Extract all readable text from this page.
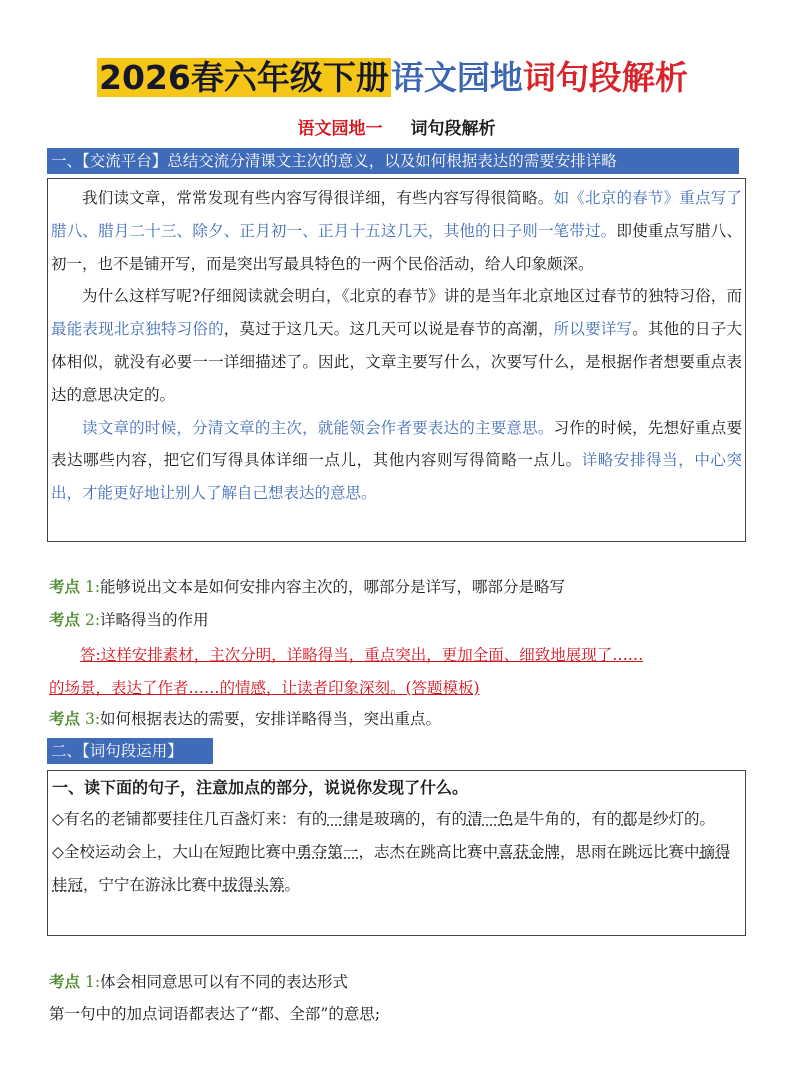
2026春六年级下册语文园地词句段解析
语文园地一 词句段解析
一、【交流平台】总结交流分清课文主次的意义，以及如何根据表达的需要安排详略

我们读文章，常常发现有些内容写得很详细，有些内容写得很简略。如《北京的春节》重点写了腊八、腊月二十三、除夕、正月初一、正月十五这几天，其他的日子则一笔带过。即使重点写腊八、初一，也不是铺开写，而是突出写最具特色的一两个民俗活动，给人印象颇深。

为什么这样写呢?仔细阅读就会明白，《北京的春节》讲的是当年北京地区过春节的独特习俗，而最能表现北京独特习俗的，莫过于这几天。这几天可以说是春节的高潮，所以要详写。其他的日子大体相似，就没有必要一一详细描述了。因此，文章主要写什么，次要写什么，是根据作者想要重点表达的意思决定的。

读文章的时候，分清文章的主次，就能领会作者要表达的主要意思。习作的时候，先想好重点要表达哪些内容，把它们写得具体详细一点儿，其他内容则写得简略一点儿。详略安排得当，中心突出，才能更好地让别人了解自己想表达的意思。

考点 1:能够说出文本是如何安排内容主次的，哪部分是详写，哪部分是略写
考点 2:详略得当的作用
答:这样安排素材，主次分明，详略得当，重点突出，更加全面、细致地展现了……
的场景，表达了作者……的情感，让读者印象深刻。(答题模板)
考点 3:如何根据表达的需要，安排详略得当，突出重点。
二、【词句段运用】
一、读下面的句子，注意加点的部分，说说你发现了什么。
◇有名的老铺都要挂住几百盏灯来：有的一律是玻璃的，有的清一色是牛角的，有的都是纱灯的。
◇全校运动会上，大山在短跑比赛中勇夺第一，志杰在跳高比赛中喜获金牌，思雨在跳远比赛中摘得桂冠，宁宁在游泳比赛中拔得头筹。
考点 1:体会相同意思可以有不同的表达形式
第一句中的加点词语都表达了“都、全部”的意思;
